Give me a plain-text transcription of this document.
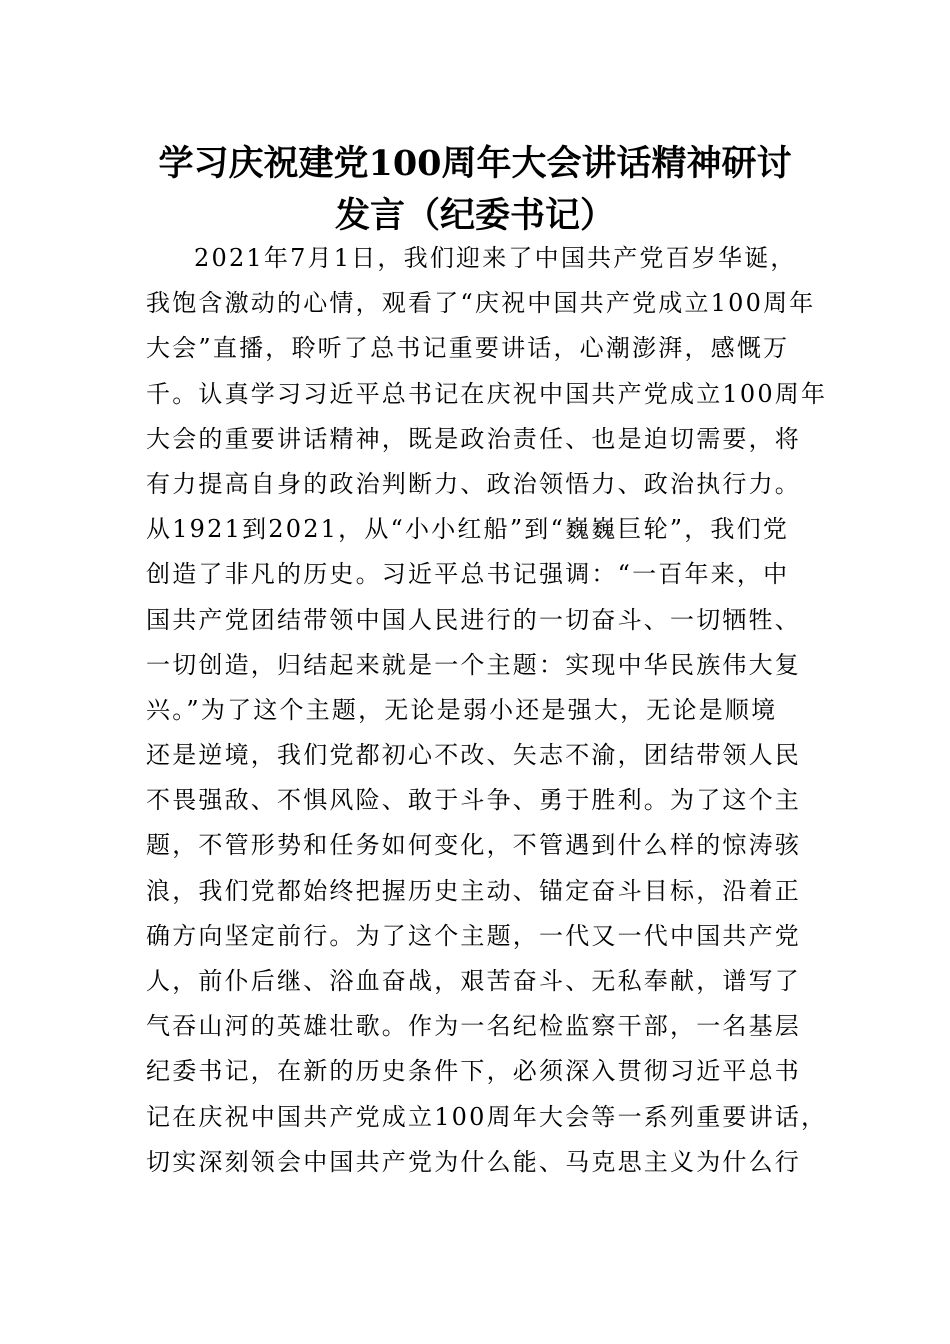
学习庆祝建党100周年大会讲话精神研讨
发言（纪委书记）
2021年7月1日，我们迎来了中国共产党百岁华诞，
我饱含激动的心情，观看了“庆祝中国共产党成立100周年
大会”直播，聆听了总书记重要讲话，心潮澎湃，感慨万
千。认真学习习近平总书记在庆祝中国共产党成立100周年
大会的重要讲话精神，既是政治责任、也是迫切需要，将
有力提高自身的政治判断力、政治领悟力、政治执行力。
从1921到2021，从“小小红船”到“巍巍巨轮”，我们党
创造了非凡的历史。习近平总书记强调：“一百年来，中
国共产党团结带领中国人民进行的一切奋斗、一切牺牲、
一切创造，归结起来就是一个主题：实现中华民族伟大复
兴。”为了这个主题，无论是弱小还是强大，无论是顺境
还是逆境，我们党都初心不改、矢志不渝，团结带领人民
不畏强敌、不惧风险、敢于斗争、勇于胜利。为了这个主
题，不管形势和任务如何变化，不管遇到什么样的惊涛骇
浪，我们党都始终把握历史主动、锚定奋斗目标，沿着正
确方向坚定前行。为了这个主题，一代又一代中国共产党
人，前仆后继、浴血奋战，艰苦奋斗、无私奉献，谱写了
气吞山河的英雄壮歌。作为一名纪检监察干部，一名基层
纪委书记，在新的历史条件下，必须深入贯彻习近平总书
记在庆祝中国共产党成立100周年大会等一系列重要讲话，
切实深刻领会中国共产党为什么能、马克思主义为什么行
